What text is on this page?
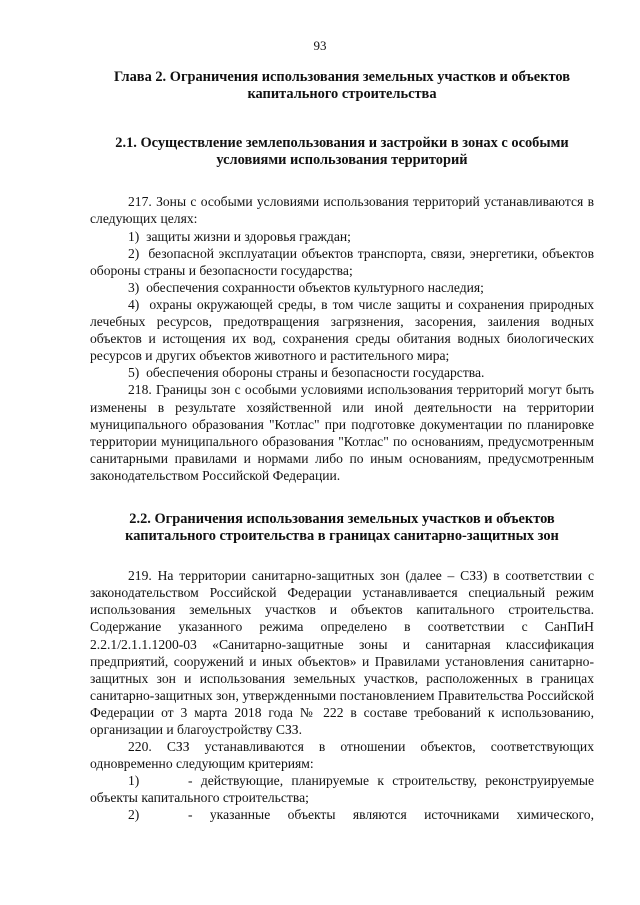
93

Глава 2. Ограничения использования земельных участков и объектов капитального строительства

2.1. Осуществление землепользования и застройки в зонах с особыми условиями использования территорий

217. Зоны с особыми условиями использования территорий устанавливаются в следующих целях:

1) защиты жизни и здоровья граждан;

2) безопасной эксплуатации объектов транспорта, связи, энергетики, объектов обороны страны и безопасности государства;

3) обеспечения сохранности объектов культурного наследия;

4) охраны окружающей среды, в том числе защиты и сохранения природных лечебных ресурсов, предотвращения загрязнения, засорения, заиления водных объектов и истощения их вод, сохранения среды обитания водных биологических ресурсов и других объектов животного и растительного мира;

5) обеспечения обороны страны и безопасности государства.

218. Границы зон с особыми условиями использования территорий могут быть изменены в результате хозяйственной или иной деятельности на территории муниципального образования "Котлас" при подготовке документации по планировке территории муниципального образования "Котлас" по основаниям, предусмотренным санитарными правилами и нормами либо по иным основаниям, предусмотренным законодательством Российской Федерации.

2.2. Ограничения использования земельных участков и объектов капитального строительства в границах санитарно-защитных зон

219. На территории санитарно-защитных зон (далее – СЗЗ) в соответствии с законодательством Российской Федерации устанавливается специальный режим использования земельных участков и объектов капитального строительства. Содержание указанного режима определено в соответствии с СанПиН 2.2.1/2.1.1.1200-03 «Санитарно-защитные зоны и санитарная классификация предприятий, сооружений и иных объектов» и Правилами установления санитарно-защитных зон и использования земельных участков, расположенных в границах санитарно-защитных зон, утвержденными постановлением Правительства Российской Федерации от 3 марта 2018 года № 222 в составе требований к использованию, организации и благоустройству СЗЗ.

220. СЗЗ устанавливаются в отношении объектов, соответствующих одновременно следующим критериям:

1)	- действующие, планируемые к строительству, реконструируемые объекты капитального строительства;

2)	- указанные объекты являются источниками химического,
